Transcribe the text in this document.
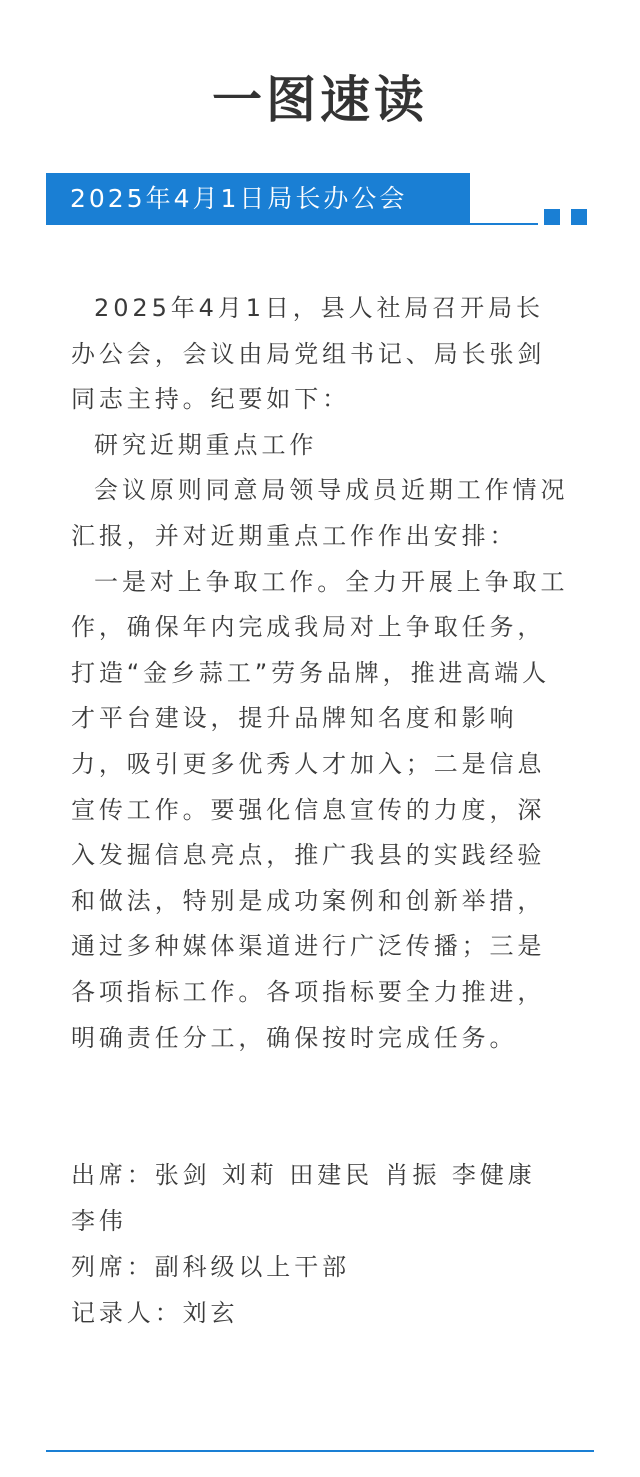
一图速读
2025年4月1日局长办公会

2025年4月1日，县人社局召开局长办公会，会议由局党组书记、局长张剑同志主持。纪要如下：

研究近期重点工作

会议原则同意局领导成员近期工作情况汇报，并对近期重点工作作出安排：

一是对上争取工作。全力开展上争取工作，确保年内完成我局对上争取任务，打造“金乡蒜工”劳务品牌，推进高端人才平台建设，提升品牌知名度和影响力，吸引更多优秀人才加入；二是信息宣传工作。要强化信息宣传的力度，深入发掘信息亮点，推广我县的实践经验和做法，特别是成功案例和创新举措，通过多种媒体渠道进行广泛传播；三是各项指标工作。各项指标要全力推进，明确责任分工，确保按时完成任务。

出席：张剑 刘莉 田建民 肖振 李健康 李伟

列席：副科级以上干部

记录人：刘玄
